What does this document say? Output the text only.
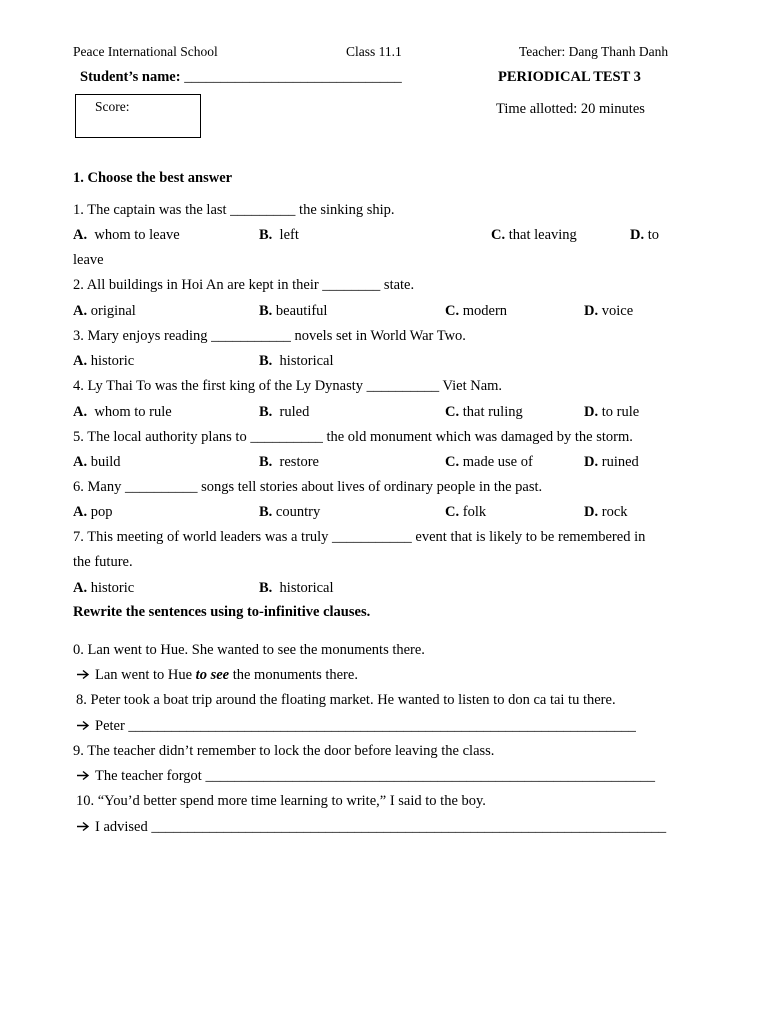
Peace International School	Class 11.1	Teacher: Dang Thanh Danh
Student’s name: ______________________________	PERIODICAL TEST 3
Score:	Time allotted: 20 minutes
1. Choose the best answer
1. The captain was the last _________ the sinking ship.
A. whom to leave	B. left	C. that leaving	D. to
leave
2. All buildings in Hoi An are kept in their ________ state.
A. original	B. beautiful	C. modern	D. voice
3. Mary enjoys reading ___________ novels set in World War Two.
A. historic	B. historical
4. Ly Thai To was the first king of the Ly Dynasty __________ Viet Nam.
A. whom to rule	B. ruled	C. that ruling	D. to rule
5. The local authority plans to __________ the old monument which was damaged by the storm.
A. build	B. restore	C. made use of	D. ruined
6. Many __________ songs tell stories about lives of ordinary people in the past.
A. pop	B. country	C. folk	D. rock
7. This meeting of world leaders was a truly ___________ event that is likely to be remembered in
the future.
A. historic	B. historical
Rewrite the sentences using to-infinitive clauses.
0. Lan went to Hue. She wanted to see the monuments there.
Lan went to Hue to see the monuments there.
8. Peter took a boat trip around the floating market. He wanted to listen to don ca tai tu there.
Peter ______________________________________________________________________
9. The teacher didn’t remember to lock the door before leaving the class.
The teacher forgot ______________________________________________________________
10. “You’d better spend more time learning to write,” I said to the boy.
I advised _______________________________________________________________________
